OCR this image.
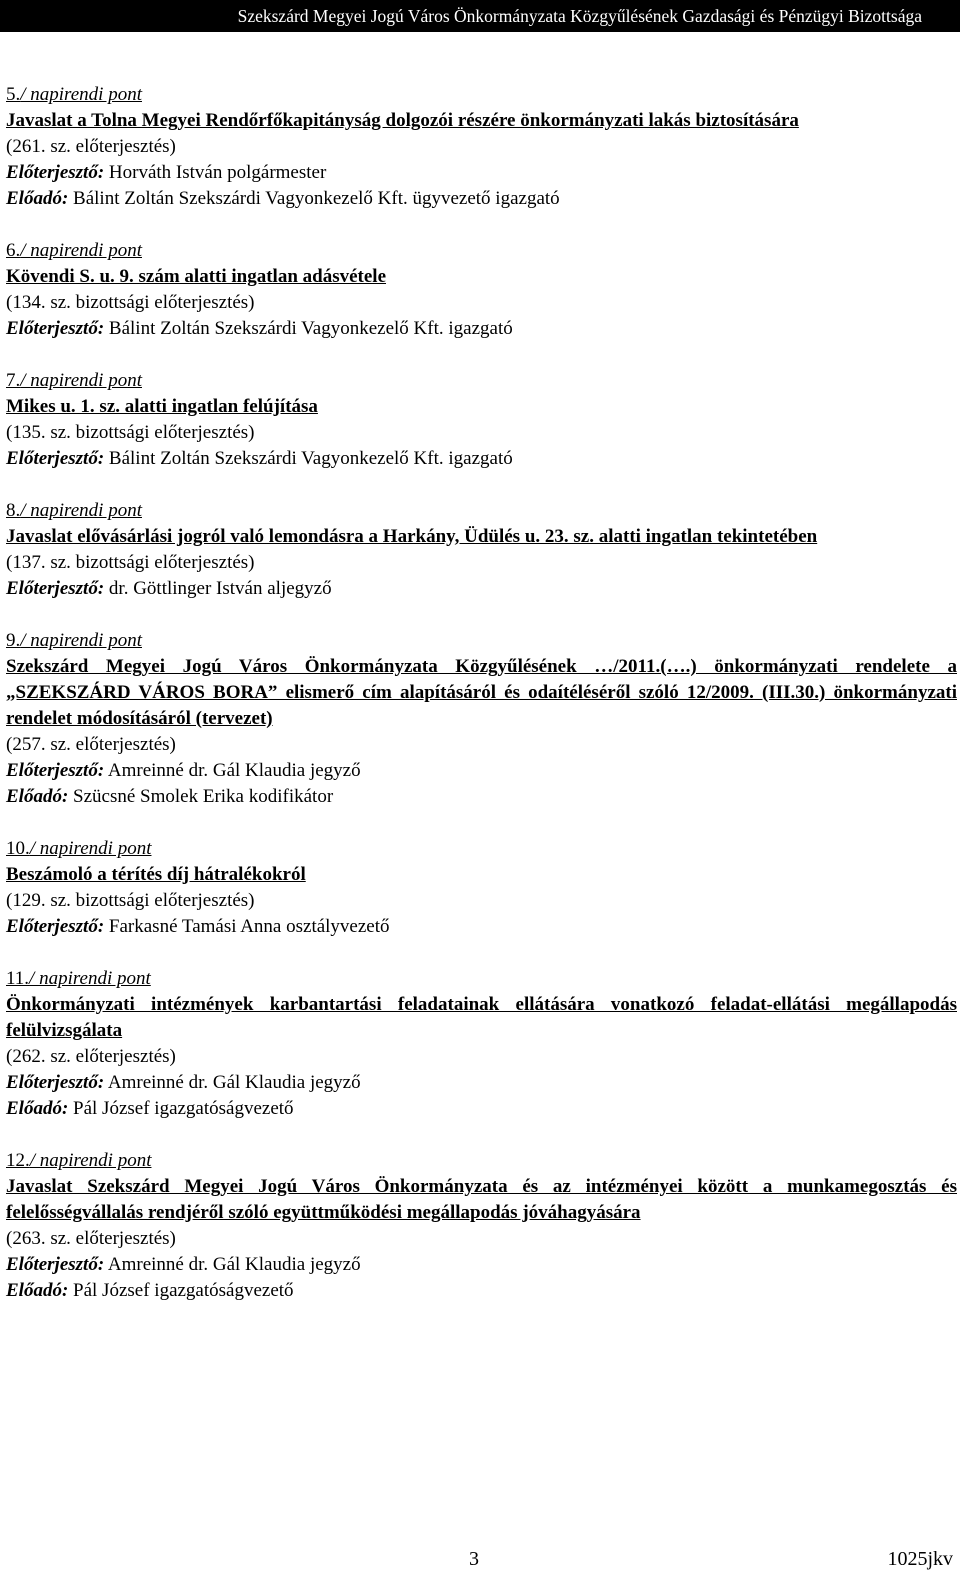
Szekszárd Megyei Jogú Város Önkormányzata Közgyűlésének Gazdasági és Pénzügyi Bizottsága
5./ napirendi pont
Javaslat a Tolna Megyei Rendőrfőkapitányság dolgozói részére önkormányzati lakás biztosítására
(261. sz. előterjesztés)
Előterjesztő: Horváth István polgármester
Előadó: Bálint Zoltán Szekszárdi Vagyonkezelő Kft. ügyvezető igazgató
6./ napirendi pont
Kövendi S. u. 9. szám alatti ingatlan adásvétele
(134. sz. bizottsági előterjesztés)
Előterjesztő: Bálint Zoltán Szekszárdi Vagyonkezelő Kft. igazgató
7./ napirendi pont
Mikes u. 1. sz. alatti ingatlan felújítása
(135. sz. bizottsági előterjesztés)
Előterjesztő: Bálint Zoltán Szekszárdi Vagyonkezelő Kft. igazgató
8./ napirendi pont
Javaslat elővásárlási jogról való lemondásra a Harkány, Üdülés u. 23. sz. alatti ingatlan tekintetében
(137. sz. bizottsági előterjesztés)
Előterjesztő: dr. Göttlinger István aljegyző
9./ napirendi pont
Szekszárd Megyei Jogú Város Önkormányzata Közgyűlésének …/2011.(….) önkormányzati rendelete a „SZEKSZÁRD VÁROS BORA” elismerő cím alapításáról és odaítéléséről szóló 12/2009. (III.30.) önkormányzati rendelet módosításáról (tervezet)
(257. sz. előterjesztés)
Előterjesztő: Amreinné dr. Gál Klaudia jegyző
Előadó: Szücsné Smolek Erika kodifikátor
10./ napirendi pont
Beszámoló a térítés díj hátralékokról
(129. sz. bizottsági előterjesztés)
Előterjesztő: Farkasné Tamási Anna osztályvezető
11./ napirendi pont
Önkormányzati intézmények karbantartási feladatainak ellátására vonatkozó feladat-ellátási megállapodás felülvizsgálata
(262. sz. előterjesztés)
Előterjesztő: Amreinné dr. Gál Klaudia jegyző
Előadó: Pál József igazgatóságvezető
12./ napirendi pont
Javaslat Szekszárd Megyei Jogú Város Önkormányzata és az intézményei között a munkamegosztás és felelősségvállalás rendjéről szóló együttműködési megállapodás jóváhagyására
(263. sz. előterjesztés)
Előterjesztő: Amreinné dr. Gál Klaudia jegyző
Előadó: Pál József igazgatóságvezető
3	1025jkv
